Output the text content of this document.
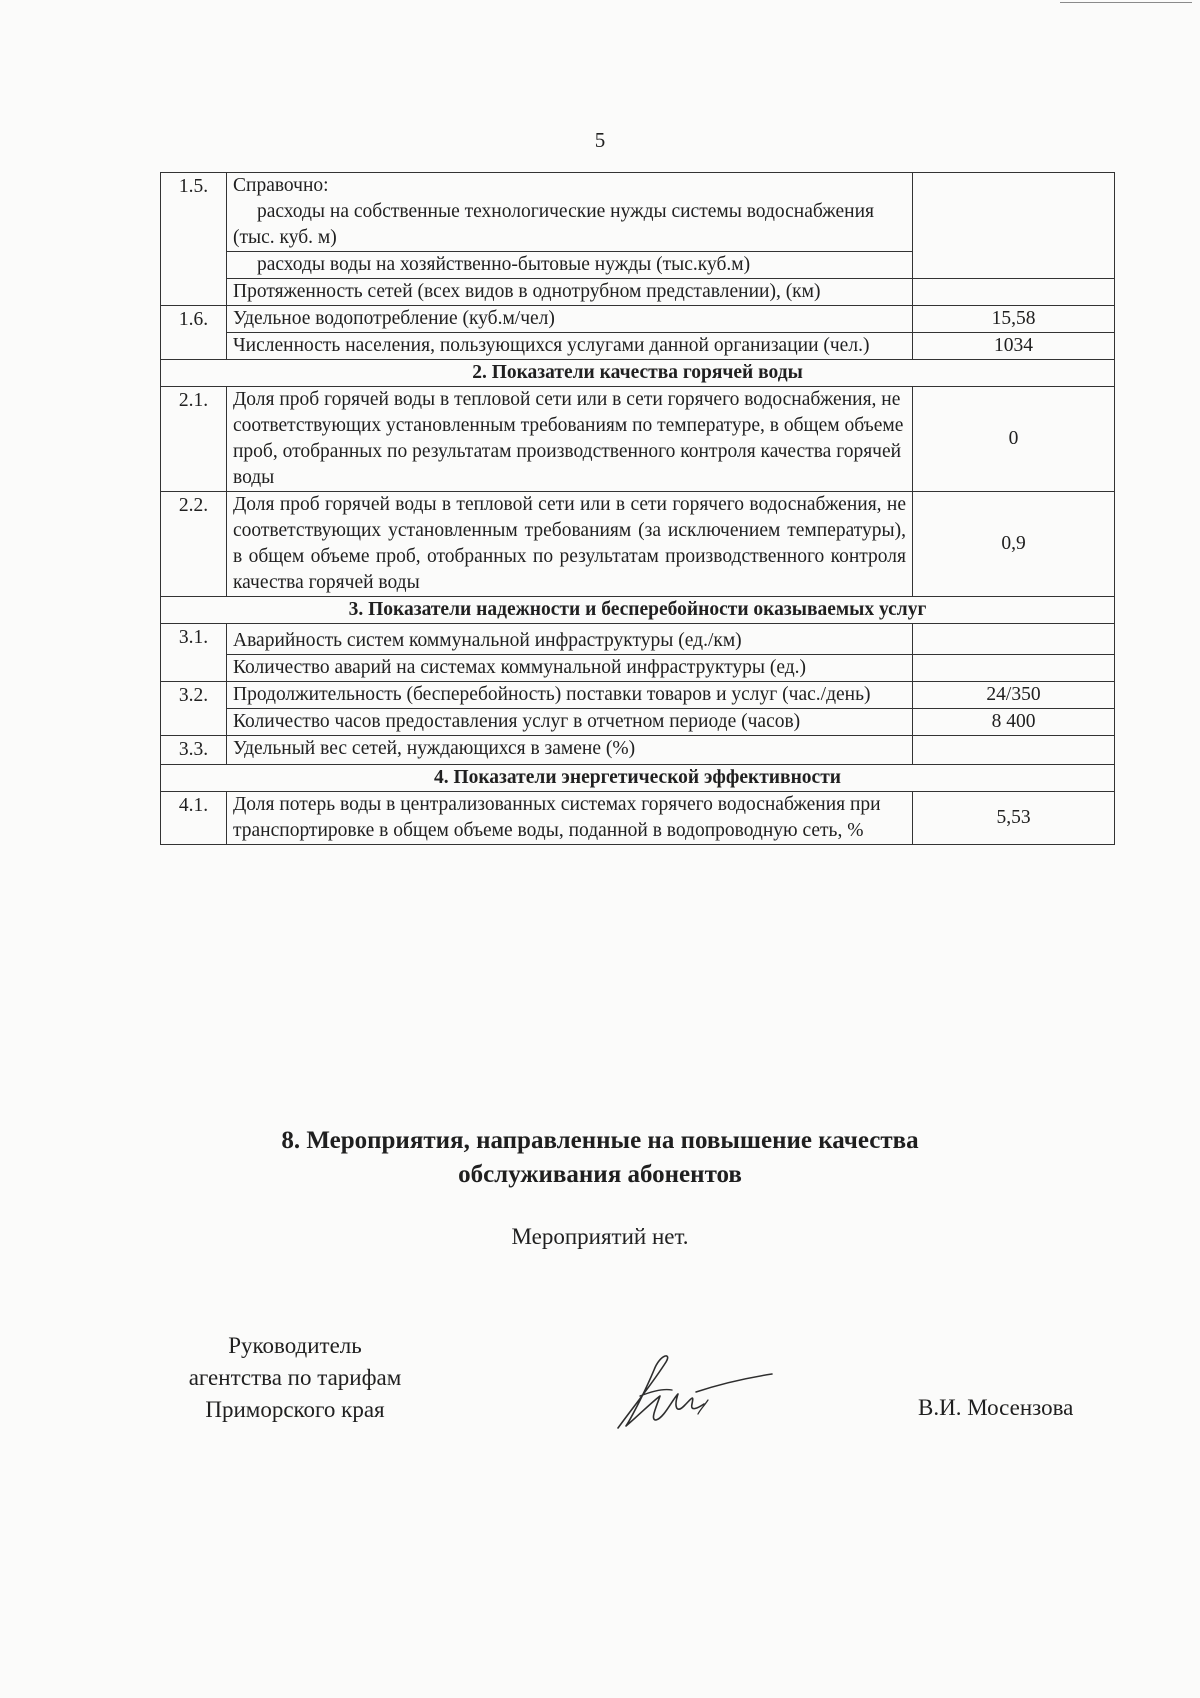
5
1.5.	Справочно:
расходы на собственные технологические нужды системы водоснабжения (тыс. куб. м)	

	расходы воды на хозяйственно-бытовые нужды (тыс.куб.м)	
	Протяженность сетей (всех видов в однотрубном представлении), (км)	
1.6.	Удельное водопотребление (куб.м/чел)	15,58
	Численность населения, пользующихся услугами данной организации (чел.)	1034
2. Показатели качества горячей воды		
2.1.	Доля проб горячей воды в тепловой сети или в сети горячего водоснабжения, не соответствующих установленным требованиям по температуре, в общем объеме проб, отобранных по результатам производственного контроля качества горячей воды	0
2.2.	Доля проб горячей воды в тепловой сети или в сети горячего водоснабжения, не соответствующих установленным требованиям (за исключением температуры), в общем объеме проб, отобранных по результатам производственного контроля качества горячей воды	0,9
3. Показатели надежности и бесперебойности оказываемых услуг		
3.1.	Аварийность систем коммунальной инфраструктуры (ед./км)	
	Количество аварий на системах коммунальной инфраструктуры (ед.)	
3.2.	Продолжительность (бесперебойность) поставки товаров и услуг (час./день)	24/350
	Количество часов предоставления услуг в отчетном периоде (часов)	8 400
3.3.	Удельный вес сетей, нуждающихся в замене (%)	
4. Показатели энергетической эффективности		
4.1.	Доля потерь воды в централизованных системах горячего водоснабжения при транспортировке в общем объеме воды, поданной в водопроводную сеть, %	5,53
8. Мероприятия, направленные на повышение качества
обслуживания абонентов
Мероприятий нет.
Руководитель
агентства по тарифам
Приморского края	В.И. Мосензова
